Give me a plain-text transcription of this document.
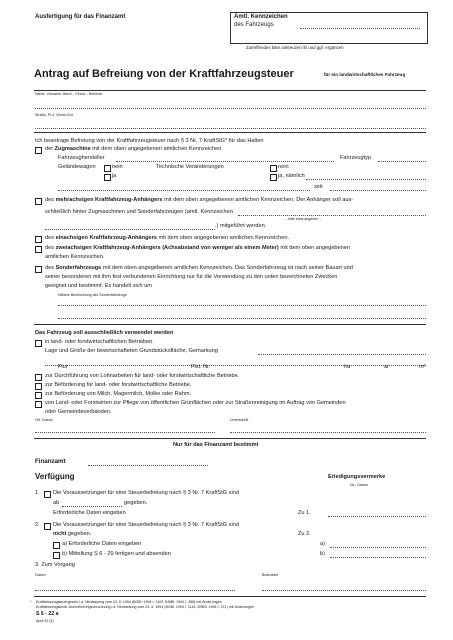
Ausfertigung für das Finanzamt	Amtl. Kennzeichen
des Fahrzeugs
Zutreffendes bitte ankreuzen ☒ und ggf. ergänzen
Antrag auf Befreiung von der Kraftfahrzeugsteuer	für ein landwirtschaftliches Fahrzeug
Name, Vorname, Beruf – Firma – Behörde
Straße, PLZ, Wohn-/Ort
Ich beantrage Befreiung von der Kraftfahrzeugsteuer nach § 3 Nr. 7 KraftStG* für das Halten
der Zugmaschine mit dem oben angegebenen amtlichen Kennzeichen.
Fahrzeughersteller	Fahrzeugtyp
Geländewagen	nein	Technische Veränderungen	nein
ja	ja, nämlich
seit
des mehrachsigen Kraftfahrzeug-Anhängers mit dem oben angegebenen amtlichen Kennzeichen. Der Anhänger soll aus-
schließlich hinter Zugmaschinen und Sonderfahrzeugen (amtl. Kennzeichen
– bitte stets angeben –
.) mitgeführt werden.
des einachsigen Kraftfahrzeug-Anhängers mit dem oben angegebenen amtlichen Kennzeichen.
des zweiachsigen Kraftfahrzeug-Anhängers (Achsabstand von weniger als einem Meter) mit dem oben angegebenen
amtlichen Kennzeichen.
des Sonderfahrzeugs mit dem oben angegebenen amtlichen Kennzeichen. Das Sonderfahrzeug ist nach seiner Bauart und
seiner besonderen mit ihm fest verbundenen Einrichtung nur für die Verwendung zu den unten bezeichneten Zwecken
geeignet und bestimmt. Es handelt sich um
Nähere Bezeichnung des Sonderfahrzeugs
Das Fahrzeug soll ausschließlich verwendet werden
in land- oder forstwirtschaftlichen Betrieben.
Lage und Größe der bewirtschafteten Grundstücksfläche, Gemarkung
Flur	Flst. Nr.	ha	ar	m²
zur Durchführung von Lohnarbeiten für land- oder forstwirtschaftliche Betriebe.
zur Beförderung für land- oder forstwirtschaftliche Betriebe.
zur Beförderung von Milch, Magermilch, Molke oder Rahm.
von Land- oder Forstwirten zur Pflege von öffentlichen Grünflächen oder zur Straßenreinigung im Auftrag von Gemeinden
oder Gemeindeverbänden.
Ort, Datum	Unterschrift
Nur für das Finanzamt bestimmt
Finanzamt
Verfügung	Erledigungsvermerke
Nz., Datum
1. Die Voraussetzungen für eine Steuerbefreiung nach § 3 Nr. 7 KraftStG sind
ab	gegeben.
Erforderliche Daten eingeben	Zu 1.
2. Die Voraussetzungen für eine Steuerbefreiung nach § 3 Nr. 7 KraftStG sind
nicht gegeben.	Zu 2.
a) Erforderliche Daten eingeben	a)
b) Mitteilung S 6 - 29 fertigen und absenden	b)
3. Zum Vorgang
Datum	Bearbeiter
* Kraftfahrzeugsteuergesetz i.d. Neufassung vom 24. 5. 1994 (BGBl. 1994 I, 1102; BStBl. 1994 I, 358) mit Änderungen
Kraftfahrzeugsteuer-Durchführungsverordnung i.d. Neufassung vom 24. 5. 1994 (BGBl. 1994 I, 1144; BStBl. 1994 I, 371) mit Änderungen
S 6 - 22 a
April 02 (3)
